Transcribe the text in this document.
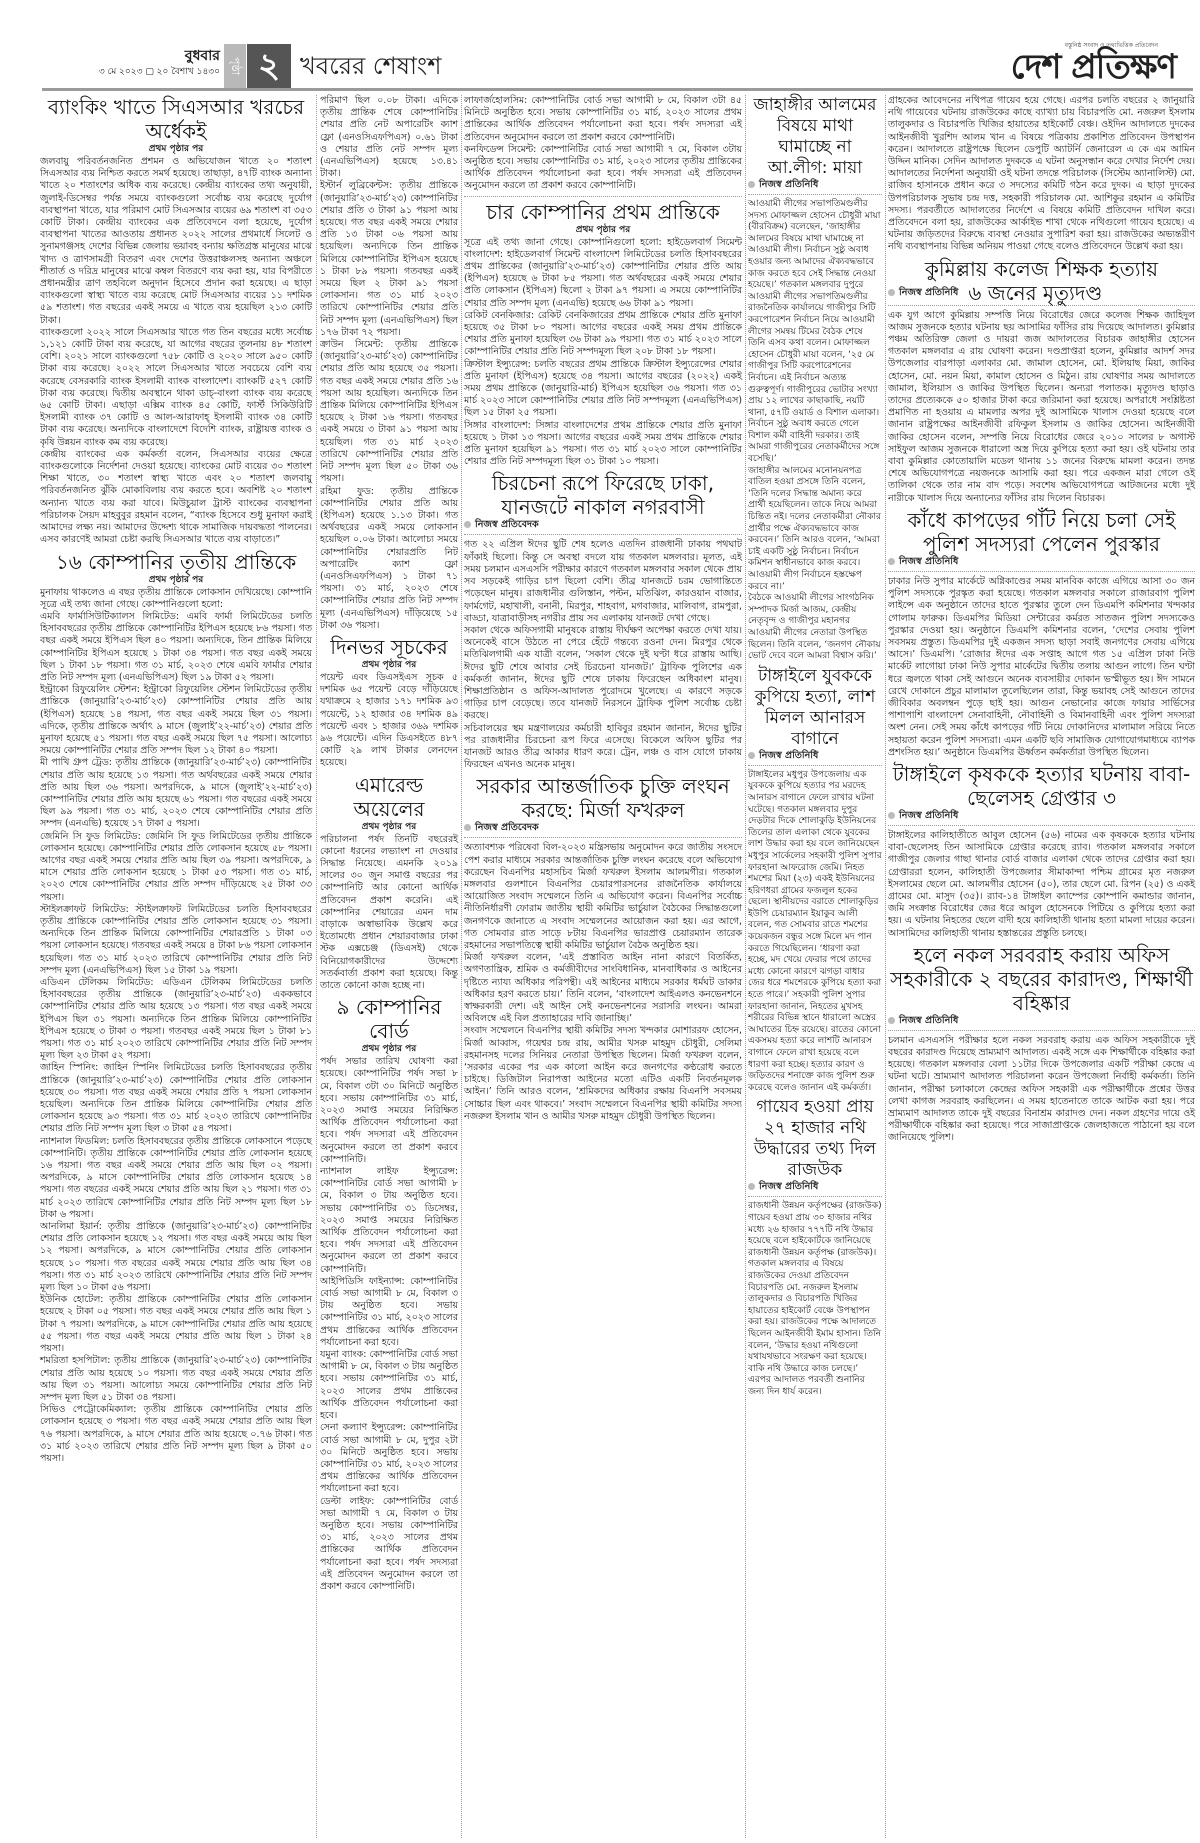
বুধবার
৩ মে ২০২৩ ▢ ২০ বৈশাখ ১৪৩০ পৃষ্ঠা ২ খবরের শেষাংশ
বস্তুনিষ্ঠ সংবাদ ও তথ্যভিত্তিক প্রতিবেদন
দেশ প্রতিক্ষণ
ব্যাংকিং খাতে সিএসআর খরচের অর্ধেকই
প্রথম পৃষ্ঠার পর

জলবায়ু পরিবর্তনজনিত প্রশমন ও অভিযোজন খাতে ২০ শতাংশ সিএসআর ব্যয় নিশ্চিত করতে সমর্থ হয়েছে। তাছাড়া, ৪৭টি ব্যাংক অন্যান্য খাতে ২০ শতাংশের অধিক ব্যয় করেছে। কেন্দ্রীয় ব্যাংকের তথ্য অনুযায়ী, জুলাই-ডিসেম্বর পর্যন্ত সময়ে ব্যাংকগুলো সর্বোচ্চ ব্যয় করেছে দুর্যোগ ব্যবস্থাপনা খাতে, যার পরিমাণ মোট সিএসআর ব্যয়ের ৬৯ শতাংশ বা ৩৫৩ কোটি টাকা। কেন্দ্রীয় ব্যাংকের এক প্রতিবেদনে বলা হয়েছে, দুর্যোগ ব্যবস্থাপনা খাতের আওতায় প্রধানত ২০২২ সালের প্রথমার্ধে সিলেট ও সুনামগঞ্জসহ দেশের বিভিন্ন জেলায় ভয়াবহ বন্যায় ক্ষতিগ্রস্ত মানুষের মাঝে খাদ্য ও ত্রাণসামগ্রী বিতরণ এবং দেশের উত্তরাঞ্চলসহ অন্যান্য অঞ্চলে শীতার্ত ও দরিদ্র মানুষের মাঝে কম্বল বিতরণে ব্যয় করা হয়, যার বিপরীতে প্রধানমন্ত্রীর ত্রাণ তহবিলে অনুদান হিসেবে প্রদান করা হয়েছে। এ ছাড়া ব্যাংকগুলো স্বাস্থ্য খাতে ব্যয় করেছে মোট সিএসআর ব্যয়ের ১১ দশমিক ৫৯ শতাংশ। গত বছরের একই সময়ে এ খাতে ব্যয় হয়েছিল ২১৩ কোটি টাকা।

ব্যাংকগুলো ২০২২ সালে সিএসআর খাতে গত তিন বছরের মধ্যে সর্বোচ্চ ১,১২১ কোটি টাকা ব্যয় করেছে, যা আগের বছরের তুলনায় ৪৮ শতাংশ বেশি। ২০২১ সালে ব্যাংকগুলো ৭৫৮ কোটি ও ২০২০ সালে ৯৫০ কোটি টাকা ব্যয় করেছে। ২০২২ সালে সিএসআর খাতে সবচেয়ে বেশি ব্যয় করেছে বেসরকারি ব্যাংক ইসলামী ব্যাংক বাংলাদেশ। ব্যাংকটি ৫২৭ কোটি টাকা ব্যয় করেছে। দ্বিতীয় অবস্থানে থাকা ডাচ্-বাংলা ব্যাংক ব্যয় করেছে ৬৫ কোটি টাকা। এছাড়া এক্সিম ব্যাংক ৪৫ কোটি, ফার্স্ট সিকিউরিটি ইসলামী ব্যাংক ৩৭ কোটি ও আল-আরাফাহ্ ইসলামী ব্যাংক ৩৪ কোটি টাকা ব্যয় করেছে। অন্যদিকে বাংলাদেশে বিদেশি ব্যাংক, রাষ্ট্রায়ত্ত ব্যাংক ও কৃষি উন্নয়ন ব্যাংক কম ব্যয় করেছে।

কেন্দ্রীয় ব্যাংকের এক কর্মকর্তা বলেন, সিএসআর ব্যয়ের ক্ষেত্রে ব্যাংকগুলোকে নির্দেশনা দেওয়া হয়েছে। ব্যাংকের মোট ব্যয়ের ৩০ শতাংশ শিক্ষা খাতে, ৩০ শতাংশ স্বাস্থ্য খাতে এবং ২০ শতাংশ জলবায়ু পরিবর্তনজনিত ঝুঁকি মোকাবিলায় ব্যয় করতে হবে। অবশিষ্ট ২০ শতাংশ অন্যান্য খাতে ব্যয় করা যাবে। মিউচুয়াল ট্রাস্ট ব্যাংকের ব্যবস্থাপনা পরিচালক সৈয়দ মাহবুবুর রহমান বলেন, “ব্যাংক হিসেবে শুধু মুনাফা করাই আমাদের লক্ষ্য নয়। আমাদের উদ্দেশ্য থাকে সামাজিক দায়বদ্ধতা পালনের। এসব কারণেই আমরা চেষ্টা করছি সিএসআর খাতে ব্যয় বাড়াতে।”

১৬ কোম্পানির তৃতীয় প্রান্তিকে
প্রথম পৃষ্ঠার পর

মুনাফায় থাকলেও এ বছর তৃতীয় প্রান্তিকে লোকসান দেখিয়েছে। কোম্পানি সূত্রে এই তথ্য জানা গেছে। কোম্পানিগুলো হলো:

এমবি ফার্মাসিউটিক্যালস লিমিটেড: এমবি ফার্মা লিমিটেডের চলতি হিসাববছরের তৃতীয় প্রান্তিকে কোম্পানিটির ইপিএস হয়েছে ৮৬ পয়সা। গত বছর একই সময়ে ইপিএস ছিল ৪০ পয়সা। অন্যদিকে, তিন প্রান্তিক মিলিয়ে কোম্পানিটির ইপিএস হয়েছে ১ টাকা ৩৪ পয়সা। গত বছর একই সময়ে ছিল ১ টাকা ১৮ পয়সা। গত ৩১ মার্চ, ২০২৩ শেষে এমবি ফার্মার শেয়ার প্রতি নিট সম্পদ মূল্য (এনএভিপিএস) ছিল ১৯ টাকা ৫২ পয়সা।

ইন্ট্রাকো রিফুয়েলিং স্টেশন: ইন্ট্রাকো রিফুয়েলিং স্টেশন লিমিটেডের তৃতীয় প্রান্তিকে (জানুয়ারি’২৩-মার্চ’২৩) কোম্পানিটির শেয়ার প্রতি আয় (ইপিএস) হয়েছে ১৪ পয়সা, গত বছর একই সময়ে ছিল ৩১ পয়সা। এদিকে, তৃতীয় প্রান্তিকে অর্থাৎ ৯ মাসে (জুলাই’২২-মার্চ’২৩) শেয়ার প্রতি মুনাফা হয়েছে ৫১ পয়সা। গত বছর একই সময়ে ছিল ৭৫ পয়সা। আলোচ্য সময়ে কোম্পানিটির শেয়ার প্রতি সম্পদ ছিল ১২ টাকা ৪০ পয়সা।

মী পাখি গ্রুপ ট্রেড: তৃতীয় প্রান্তিকে (জানুয়ারি’২৩-মার্চ’২৩) কোম্পানিটির শেয়ার প্রতি আয় হয়েছে ১৩ পয়সা। গত অর্থবছরের একই সময়ে শেয়ার প্রতি আয় ছিল ৩৬ পয়সা। অপরদিকে, ৯ মাসে (জুলাই’২২-মার্চ’২৩) কোম্পানিটির শেয়ার প্রতি আয় হয়েছে ৬১ পয়সা। গত বছরের একই সময়ে ছিল ৯৯ পয়সা। গত ৩১ মার্চ, ২০২৩ শেষে কোম্পানিটির শেয়ার প্রতি সম্পদ (এনএভি) হয়েছে ১৭ টাকা ৫ পয়সা।

জেমিনি সি ফুড লিমিটেড: জেমিনি সি ফুড লিমিটেডের তৃতীয় প্রান্তিকে লোকসান হয়েছে। কোম্পানিটির শেয়ার প্রতি লোকসান হয়েছে ৫৮ পয়সা। আগের বছর একই সময়ে শেয়ার প্রতি আয় ছিল ৩৯ পয়সা। অপরদিকে, ৯ মাসে শেয়ার প্রতি লোকসান হয়েছে ১ টাকা ৫৩ পয়সা। গত ৩১ মার্চ, ২০২৩ শেষে কোম্পানিটির শেয়ার প্রতি সম্পদ দাঁড়িয়েছে ২৫ টাকা ৩৩ পয়সা।

স্টাইলক্রাফট লিমিটেড: স্টাইলক্রাফট লিমিটেডের চলতি হিসাববছরের তৃতীয় প্রান্তিকে কোম্পানিটির শেয়ার প্রতি লোকসান হয়েছে ৩১ পয়সা। অন্যদিকে তিন প্রান্তিক মিলিয়ে কোম্পানিটির শেয়ারপ্রতি ১ টাকা ০৩ পয়সা লোকসান হয়েছে। গতবছর একই সময়ে ৪ টাকা ৮৬ পয়সা লোকসান হয়েছিল। গত ৩১ মার্চ ২০২৩ তারিখে কোম্পানিটির শেয়ার প্রতি নিট সম্পদ মূল্য (এনএভিপিএস) ছিল ১৫ টাকা ১৯ পয়সা।

এডিএন টেলিকম লিমিটেড: এডিএন টেলিকম লিমিটেডের চলতি হিসাববছরের তৃতীয় প্রান্তিকে (জানুয়ারি’২৩-মার্চ’২৩) এককভাবে কোম্পানিটির শেয়ার প্রতি আয় হয়েছে ১৩ পয়সা। গত বছর একই সময়ে ইপিএস ছিল ৩১ পয়সা। অন্যদিকে তিন প্রান্তিক মিলিয়ে কোম্পানিটির ইপিএস হয়েছে ৩ টাকা ৩ পয়সা। গতবছর একই সময়ে ছিল ১ টাকা ৮১ পয়সা। গত ৩১ মার্চ ২০২৩ তারিখে কোম্পানিটির শেয়ার প্রতি নিট সম্পদ মূল্য ছিল ২৩ টাকা ৫২ পয়সা।

জাহিন স্পিনিং: জাহিন স্পিনিং লিমিটেডের চলতি হিসাববছরের তৃতীয় প্রান্তিকে (জানুয়ারি’২৩-মার্চ’২৩) কোম্পানিটির শেয়ার প্রতি লোকসান হয়েছে ৩০ পয়সা। গত বছর একই সময়ে শেয়ার প্রতি ৭ পয়সা লোকসান হয়েছিল। অন্যদিকে তিন প্রান্তিক মিলিয়ে কোম্পানিটির শেয়ার প্রতি লোকসান হয়েছে ৯৩ পয়সা। গত ৩১ মার্চ ২০২৩ তারিখে কোম্পানিটির শেয়ার প্রতি নিট সম্পদ মূল্য ছিল ৩ টাকা ৫৪ পয়সা।

ন্যাশনাল ফিডমিল: চলতি হিসাববছরের তৃতীয় প্রান্তিকে লোকসানে পড়েছে কোম্পানিটি। তৃতীয় প্রান্তিকে কোম্পানিটির শেয়ার প্রতি লোকসান হয়েছে ১৬ পয়সা। গত বছর একই সময়ে শেয়ার প্রতি আয় ছিল ০২ পয়সা। অপরদিকে, ৯ মাসে কোম্পানিটির শেয়ার প্রতি লোকসান হয়েছে ১৪ পয়সা। গত বছরের একই সময়ে শেয়ার প্রতি আয় ছিল ২১ পয়সা। গত ৩১ মার্চ ২০২৩ তারিখে কোম্পানিটির শেয়ার প্রতি নিট সম্পদ মূল্য ছিল ১৮ টাকা ৬ পয়সা।

আনলিমা ইয়ার্ন: তৃতীয় প্রান্তিকে (জানুয়ারি’২৩-মার্চ’২৩) কোম্পানিটির শেয়ার প্রতি লোকসান হয়েছে ১২ পয়সা। গত বছর একই সময়ে আয় ছিল ১২ পয়সা। অপরদিকে, ৯ মাসে কোম্পানিটির শেয়ার প্রতি লোকসান হয়েছে ১০ পয়সা। গত বছরের একই সময়ে শেয়ার প্রতি আয় ছিল ৩৪ পয়সা। গত ৩১ মার্চ ২০২৩ তারিখে কোম্পানিটির শেয়ার প্রতি নিট সম্পদ মূল্য ছিল ১০ টাকা ৫৬ পয়সা।

ইউনিক হোটেল: তৃতীয় প্রান্তিকে কোম্পানিটির শেয়ার প্রতি লোকসান হয়েছে ২ টাকা ০৫ পয়সা। গত বছর একই সময়ে শেয়ার প্রতি আয় ছিল ১ টাকা ৭ পয়সা। অপরদিকে, ৯ মাসে কোম্পানিটির শেয়ার প্রতি আয় হয়েছে ৫৫ পয়সা। গত বছর একই সময়ে শেয়ার প্রতি আয় ছিল ১ টাকা ২৪ পয়সা।

শমরিতা হসপিটাল: তৃতীয় প্রান্তিকে (জানুয়ারি’২৩-মার্চ’২৩) কোম্পানিটির শেয়ার প্রতি আয় হয়েছে ১০ পয়সা। গত বছর একই সময়ে শেয়ার প্রতি আয় ছিল ৩১ পয়সা। আলোচ্য সময়ে কোম্পানিটির শেয়ার প্রতি নিট সম্পদ মূল্য ছিল ৫১ টাকা ৩৪ পয়সা।

সিভিও পেট্রোকেমিক্যাল: তৃতীয় প্রান্তিকে কোম্পানিটির শেয়ার প্রতি লোকসান হয়েছে ৩ পয়সা। গত বছর একই সময়ে শেয়ার প্রতি আয় ছিল ৭৬ পয়সা। অপরদিকে, ৯ মাসে শেয়ার প্রতি আয় হয়েছে ০.৭৬ টাকা। গত ৩১ মার্চ ২০২৩ তারিখে শেয়ার প্রতি নিট সম্পদ মূল্য ছিল ৯ টাকা ৫০ পয়সা।

পরিমাণ ছিল ০.০৮ টাকা। এদিকে তৃতীয় প্রান্তিক শেষে কোম্পানিটির শেয়ার প্রতি নেট অপারেটিং ক্যাশ ফ্লো (এনওসিএফপিএস) ০.৬১ টাকা ও শেয়ার প্রতি নেট সম্পদ মূল্য (এনএভিপিএস) হয়েছে ১৩.৪১ টাকা।

ইস্টার্ন লুব্রিকেন্টস: তৃতীয় প্রান্তিকে (জানুয়ারি’২৩-মার্চ’২৩) কোম্পানিটির শেয়ার প্রতি ৩ টাকা ৯১ পয়সা আয় হয়েছে। গত বছর একই সময়ে শেয়ার প্রতি ১৩ টাকা ০৬ পয়সা আয় হয়েছিল। অন্যদিকে তিন প্রান্তিক মিলিয়ে কোম্পানিটির ইপিএস হয়েছে ১ টাকা ৮৯ পয়সা। গতবছর একই সময়ে ছিল ২ টাকা ৯১ পয়সা লোকসান। গত ৩১ মার্চ ২০২৩ তারিখে কোম্পানিটির শেয়ার প্রতি নিট সম্পদ মূল্য (এনএভিপিএস) ছিল ১৭৬ টাকা ৭২ পয়সা।

ক্রাউন সিমেন্ট: তৃতীয় প্রান্তিকে (জানুয়ারি’২৩-মার্চ’২৩) কোম্পানিটির শেয়ার প্রতি আয় হয়েছে ৩৫ পয়সা। গত বছর একই সময়ে শেয়ার প্রতি ১৬ পয়সা আয় হয়েছিল। অন্যদিকে তিন প্রান্তিক মিলিয়ে কোম্পানিটির ইপিএস হয়েছে ২ টাকা ১৬ পয়সা। গতবছর একই সময়ে ৩ টাকা ৯১ পয়সা আয় হয়েছিল। গত ৩১ মার্চ ২০২৩ তারিখে কোম্পানিটির শেয়ার প্রতি নিট সম্পদ মূল্য ছিল ৫০ টাকা ৩৬ পয়সা।

রহিমা ফুড: তৃতীয় প্রান্তিকে কোম্পানিটির শেয়ার প্রতি আয় (ইপিএস) হয়েছে ১.১৩ টাকা। গত অর্থবছরের একই সময়ে লোকসান হয়েছিল ০.০৬ টাকা। আলোচ্য সময়ে কোম্পানিটির শেয়ারপ্রতি নিট অপারেটিং ক্যাশ ফ্লো (এনওসিএফপিএস) ১ টাকা ৭১ পয়সা। ৩১ মার্চ, ২০২৩ শেষে কোম্পানিটির শেয়ার প্রতি নিট সম্পদ মূল্য (এনএভিপিএস) দাঁড়িয়েছে ১৫ টাকা ৩৬ পয়সা।

দিনভর সূচকের
প্রথম পৃষ্ঠার পর

পয়েন্ট এবং ডিএসইএস সূচক ৫ দশমিক ৬৫ পয়েন্ট বেড়ে দাঁড়িয়েছে যথাক্রমে ২ হাজার ১৭১ দশমিক ৯৩ পয়েন্টে, ১২ হাজার ৩৪ দশমিক ৪৯ পয়েন্টে এবং ১ হাজার ৩৬৯ দশমিক ৯৬ পয়েন্টে। এদিন ডিএসইতে ৪৮৭ কোটি ২৯ লাখ টাকার লেনদেন হয়েছে।

এমারেল্ড অয়েলের
প্রথম পৃষ্ঠার পর

পরিচালনা পর্ষদ তিনটি বছরেরই কোনো ধরনের লভ্যাংশ না দেওয়ার সিদ্ধান্ত নিয়েছে। এমনকি ২০১৯ সালের ৩০ জুন সমাপ্ত বছরের পর কোম্পানিটি আর কোনো আর্থিক প্রতিবেদন প্রকাশ করেনি। এই কোম্পানির শেয়ারের এমন দাম বাড়াকে অস্বাভাবিক উল্লেখ করে ইতোমধ্যে প্রধান শেয়ারবাজার ঢাকা স্টক এক্সচেঞ্জ (ডিএসই) থেকে বিনিয়োগকারীদের উদ্দেশ্যে সতর্কবার্তা প্রকাশ করা হয়েছে। কিন্তু তাতে কোনো কাজ হচ্ছে না।

৯ কোম্পানির বোর্ড
প্রথম পৃষ্ঠার পর

পর্ষদ সভার তারিখ ঘোষণা করা হয়েছে। কোম্পানিটির পর্ষদ সভা ৮ মে, বিকাল ৩টা ৩০ মিনিটে অনুষ্ঠিত হবে। সভায় কোম্পানিটির ৩১ মার্চ, ২০২৩ সমাপ্ত সময়ের নিরিক্ষিত আর্থিক প্রতিবেদন পর্যালোচনা করা হবে। পর্ষদ সদস্যরা এই প্রতিবেদন অনুমোদন করলে তা প্রকাশ করবে কোম্পানিটি।

ন্যাশনাল লাইফ ইন্স্যুরেন্স: কোম্পানিটির বোর্ড সভা আগামী ৮ মে, বিকাল ৩ টায় অনুষ্ঠিত হবে। সভায় কোম্পানিটির ৩১ ডিসেম্বর, ২০২৩ সমাপ্ত সময়ের নিরিক্ষিত আর্থিক প্রতিবেদন পর্যালোচনা করা হবে। পর্ষদ সদস্যরা এই প্রতিবেদন অনুমোদন করলে তা প্রকাশ করবে কোম্পানিটি।

আইপিডিসি ফাইন্যান্স: কোম্পানিটির বোর্ড সভা আগামী ৮ মে, বিকাল ৩ টায় অনুষ্ঠিত হবে। সভায় কোম্পানিটির ৩১ মার্চ, ২০২৩ সালের প্রথম প্রান্তিকের আর্থিক প্রতিবেদন পর্যালোচনা করা হবে।

যমুনা ব্যাংক: কোম্পানিটির বোর্ড সভা আগামী ৮ মে, বিকাল ৩ টায় অনুষ্ঠিত হবে। সভায় কোম্পানিটির ৩১ মার্চ, ২০২৩ সালের প্রথম প্রান্তিকের আর্থিক প্রতিবেদন পর্যালোচনা করা হবে।

সেনা কল্যাণ ইন্স্যুরেন্স: কোম্পানিটির বোর্ড সভা আগামী ৮ মে, দুপুর ২টা ৩০ মিনিটে অনুষ্ঠিত হবে। সভায় কোম্পানিটির ৩১ মার্চ, ২০২৩ সালের প্রথম প্রান্তিকের আর্থিক প্রতিবেদন পর্যালোচনা করা হবে।

ডেল্টা লাইফ: কোম্পানিটির বোর্ড সভা আগামী ৭ মে, বিকাল ৩ টায় অনুষ্ঠিত হবে। সভায় কোম্পানিটির ৩১ মার্চ, ২০২৩ সালের প্রথম প্রান্তিকের আর্থিক প্রতিবেদন পর্যালোচনা করা হবে। পর্ষদ সদস্যরা এই প্রতিবেদন অনুমোদন করলে তা প্রকাশ করবে কোম্পানিটি।

লাফার্জহোলসিম: কোম্পানিটির বোর্ড সভা আগামী ৮ মে, বিকাল ৩টা ৪৫ মিনিটে অনুষ্ঠিত হবে। সভায় কোম্পানিটির ৩১ মার্চ, ২০২৩ সালের প্রথম প্রান্তিকের আর্থিক প্রতিবেদন পর্যালোচনা করা হবে। পর্ষদ সদস্যরা এই প্রতিবেদন অনুমোদন করলে তা প্রকাশ করবে কোম্পানিটি।

কনফিডেন্স সিমেন্ট: কোম্পানিটির বোর্ড সভা আগামী ৭ মে, বিকাল ৩টায় অনুষ্ঠিত হবে। সভায় কোম্পানিটির ৩১ মার্চ, ২০২৩ সালের তৃতীয় প্রান্তিকের আর্থিক প্রতিবেদন পর্যালোচনা করা হবে। পর্ষদ সদস্যরা এই প্রতিবেদন অনুমোদন করলে তা প্রকাশ করবে কোম্পানিটি।

চার কোম্পানির প্রথম প্রান্তিকে
প্রথম পৃষ্ঠার পর

সূত্রে এই তথ্য জানা গেছে। কোম্পানিগুলো হলো: হাইডেলবার্গ সিমেন্ট বাংলাদেশ: হাইডেলবার্গ সিমেন্ট বাংলাদেশ লিমিটেডের চলতি হিসাববছরের প্রথম প্রান্তিকের (জানুয়ারি’২৩-মার্চ’২৩) কোম্পানিটির শেয়ার প্রতি আয় (ইপিএস) হয়েছে ৬ টাকা ৮৫ পয়সা। গত অর্থবছরের একই সময়ে শেয়ার প্রতি লোকসান (ইপিএস) ছিলো ২ টাকা ৯৭ পয়সা। এ সময়ে কোম্পানিটির শেয়ার প্রতি সম্পদ মূল্য (এনএভি) হয়েছে ৬৬ টাকা ৯১ পয়সা।

রেকিট বেনকিজার: রেকিট বেনকিজারের প্রথম প্রান্তিকে শেয়ার প্রতি মুনাফা হয়েছে ৩৫ টাকা ৮০ পয়সা। আগের বছরের একই সময় প্রথম প্রান্তিকে শেয়ার প্রতি মুনাফা হয়েছিল ৩৬ টাকা ৯৯ পয়সা। গত ৩১ মার্চ ২০২৩ সালে কোম্পানিটির শেয়ার প্রতি নিট সম্পদমূল্য ছিল ২০৮ টাকা ১৮ পয়সা।

ক্রিস্টাল ইন্স্যুরেন্স: চলতি বছরের প্রথম প্রান্তিকে ক্রিস্টাল ইন্স্যুরেন্সের শেয়ার প্রতি মুনাফা (ইপিএস) হয়েছে ৩৪ পয়সা। আগের বছরের (২০২২) একই সময় প্রথম প্রান্তিকে (জানুয়ারি-মার্চ) ইপিএস হয়েছিল ৩৬ পয়সা। গত ৩১ মার্চ ২০২৩ সালে কোম্পানিটির শেয়ার প্রতি নিট সম্পদমূল্য (এনএভিপিএস) ছিল ১৫ টাকা ২৫ পয়সা।

সিঙ্গার বাংলাদেশ: সিঙ্গার বাংলাদেশের প্রথম প্রান্তিকে শেয়ার প্রতি মুনাফা হয়েছে ১ টাকা ১৩ পয়সা। আগের বছরের একই সময় প্রথম প্রান্তিকে শেয়ার প্রতি মুনাফা হয়েছিল ৯১ পয়সা। গত ৩১ মার্চ ২০২৩ সালে কোম্পানিটির শেয়ার প্রতি নিট সম্পদমূল্য ছিল ৩১ টাকা ১০ পয়সা।

চিরচেনা রূপে ফিরেছে ঢাকা, যানজটে নাকাল নগরবাসী
নিজস্ব প্রতিবেদক

গত ২২ এপ্রিল ঈদের ছুটি শেষ হলেও এতদিন রাজধানী ঢাকায় পথঘাট ফাঁকাই ছিলো। কিন্তু সে অবস্থা বদলে যায় গতকাল মঙ্গলবার। মূলত, এই সময় চলমান এসএসসি পরীক্ষার কারণে গতকাল মঙ্গলবার সকাল থেকে প্রায় সব সড়কেই গাড়ির চাপ ছিলো বেশি। তীব্র যানজটে চরম ভোগান্তিতে পড়েছেন মানুষ। রাজধানীর গুলিস্তান, পল্টন, মতিঝিল, কারওয়ান বাজার, ফার্মগেট, মহাখালী, বনানী, মিরপুর, শাহবাগ, মগবাজার, মালিবাগ, রামপুরা, বাড্ডা, যাত্রাবাড়ীসহ নগরীর প্রায় সব এলাকায় যানজট দেখা গেছে।

সকাল থেকে অফিসগামী মানুষকে রাস্তায় দীর্ঘক্ষণ অপেক্ষা করতে দেখা যায়। অনেকেই বাসে উঠতে না পেরে হেঁটে গন্তব্যে রওনা দেন। মিরপুর থেকে মতিঝিলগামী এক যাত্রী বলেন, ‘সকাল থেকে দুই ঘণ্টা ধরে রাস্তায় আছি। ঈদের ছুটি শেষে আবার সেই চিরচেনা যানজট।’ ট্রাফিক পুলিশের এক কর্মকর্তা জানান, ঈদের ছুটি শেষে ঢাকায় ফিরেছেন অধিকাংশ মানুষ। শিক্ষাপ্রতিষ্ঠান ও অফিস-আদালত পুরোদমে খুলেছে। এ কারণে সড়কে গাড়ির চাপ বেড়েছে। তবে যানজট নিরসনে ট্রাফিক পুলিশ সর্বোচ্চ চেষ্টা করছে।

সচিবালয়ের স্থম মন্ত্রণালয়ের কর্মচারী হাবিবুর রহমান জানান, ঈদের ছুটির পর রাজধানীর চিরচেনা রূপ ফিরে এসেছে। বিকেলে অফিস ছুটির পর যানজট আরও তীব্র আকার ধারণ করে। ট্রেন, লঞ্চ ও বাস যোগে ঢাকায় ফিরছেন এখনও অনেক মানুষ।

সরকার আন্তর্জাতিক চুক্তি লংঘন করছে: মির্জা ফখরুল
নিজস্ব প্রতিবেদক

অত্যাবশ্যক পরিষেবা বিল-২০২৩ মন্ত্রিসভায় অনুমোদন করে জাতীয় সংসদে পেশ করার মাধ্যমে সরকার আন্তর্জাতিক চুক্তি লংঘন করেছে বলে অভিযোগ করেছেন বিএনপির মহাসচিব মির্জা ফখরুল ইসলাম আলমগীর। গতকাল মঙ্গলবার গুলশানে বিএনপির চেয়ারপারসনের রাজনৈতিক কার্যালয়ে আয়োজিত সংবাদ সম্মেলনে তিনি এ অভিযোগ করেন। বিএনপির সর্বোচ্চ নীতিনির্ধারণী ফোরাম জাতীয় স্থায়ী কমিটির ভার্চুয়াল বৈঠকের সিদ্ধান্তগুলো জনগণকে জানাতে এ সংবাদ সম্মেলনের আয়োজন করা হয়। এর আগে, গত সোমবার রাত সাড়ে ৮টায় বিএনপির ভারপ্রাপ্ত চেয়ারম্যান তারেক রহমানের সভাপতিত্বে স্থায়ী কমিটির ভার্চুয়াল বৈঠক অনুষ্ঠিত হয়।

মির্জা ফখরুল বলেন, ‘এই প্রস্তাবিত আইন নানা কারণে বিতর্কিত, অগণতান্ত্রিক, শ্রমিক ও কর্মজীবীদের সাংবিধানিক, মানবাধিকার ও আইনের দৃষ্টিতে ন্যায্য অধিকার পরিপন্থী। এই আইনের মাধ্যমে সরকার ধর্মঘট ডাকার অধিকার হরণ করতে চায়।’ তিনি বলেন, ‘বাংলাদেশ আইএলও কনভেনশনে স্বাক্ষরকারী দেশ। এই আইন সেই কনভেনশনের সরাসরি লংঘন। আমরা অবিলম্বে এই বিল প্রত্যাহারের দাবি জানাচ্ছি।’

সংবাদ সম্মেলনে বিএনপির স্থায়ী কমিটির সদস্য খন্দকার মোশাররফ হোসেন, মির্জা আব্বাস, গয়েশ্বর চন্দ্র রায়, আমীর খসরু মাহমুদ চৌধুরী, সেলিমা রহমানসহ দলের সিনিয়র নেতারা উপস্থিত ছিলেন। মির্জা ফখরুল বলেন, ‘সরকার একের পর এক কালো আইন করে জনগণের কণ্ঠরোধ করতে চাইছে। ডিজিটাল নিরাপত্তা আইনের মতো এটিও একটি নিবর্তনমূলক আইন।’ তিনি আরও বলেন, ‘শ্রমিকদের অধিকার রক্ষায় বিএনপি সবসময় সোচ্চার ছিল এবং থাকবে।’ সংবাদ সম্মেলনে বিএনপির স্থায়ী কমিটির সদস্য নজরুল ইসলাম খান ও আমীর খসরু মাহমুদ চৌধুরী উপস্থিত ছিলেন।

জাহাঙ্গীর আলমের বিষয়ে মাথা ঘামাচ্ছে না আ.লীগ: মায়া
নিজস্ব প্রতিনিধি

আওয়ামী লীগের সভাপতিমণ্ডলীর সদস্য মোফাজ্জল হোসেন চৌধুরী মায়া (বীরবিক্রম) বলেছেন, ‘জাহাঙ্গীর আলমের বিষয়ে মাথা ঘামাচ্ছে না আওয়ামী লীগ। নির্বাচন সুষ্ঠু অবাধ হওয়ার জন্য আমাদের ঐক্যবদ্ধভাবে কাজ করতে হবে সেই সিদ্ধান্ত নেওয়া হয়েছে।’ গতকাল মঙ্গলবার দুপুরে আওয়ামী লীগের সভাপতিমণ্ডলীর রাজনৈতিক কার্যালয়ে গাজীপুর সিটি করপোরেশন নির্বাচন নিয়ে আওয়ামী লীগের সমন্বয় টিমের বৈঠক শেষে তিনি এসব কথা বলেন। মোফাজ্জল হোসেন চৌধুরী মায়া বলেন, ‘২৫ মে গাজীপুর সিটি করপোরেশনের নির্বাচন। এই নির্বাচন অত্যন্ত গুরুত্বপূর্ণ। গাজীপুরের ভোটার সংখ্যা প্রায় ১২ লাখের কাছাকাছি, নয়টি থানা, ৫৭টি ওয়ার্ড ও বিশাল এলাকা। নির্বাচন সুষ্ঠু অবাধ করতে গেলে বিশাল কর্মী বাহিনী দরকার। তাই আমরা গাজীপুরের নেতাকর্মীদের সঙ্গে বসেছি।’

জাহাঙ্গীর আলমের মনোনয়নপত্র বাতিল হওয়া প্রসঙ্গে তিনি বলেন, ‘তিনি দলের সিদ্ধান্ত অমান্য করে প্রার্থী হয়েছিলেন। তাকে নিয়ে আমরা চিন্তিত নই। দলের নেতাকর্মীরা নৌকার প্রার্থীর পক্ষে ঐক্যবদ্ধভাবে কাজ করবেন।’ তিনি আরও বলেন, ‘আমরা চাই একটি সুষ্ঠু নির্বাচন। নির্বাচন কমিশন স্বাধীনভাবে কাজ করবে। আওয়ামী লীগ নির্বাচনে হস্তক্ষেপ করবে না।’

বৈঠকে আওয়ামী লীগের সাংগঠনিক সম্পাদক মির্জা আজম, কেন্দ্রীয় নেতৃবৃন্দ ও গাজীপুর মহানগর আওয়ামী লীগের নেতারা উপস্থিত ছিলেন। তিনি বলেন, ‘জনগণ নৌকায় ভোট দেবে বলে আমরা বিশ্বাস করি।’

টাঙ্গাইলে যুবককে কুপিয়ে হত্যা, লাশ মিলল আনারস বাগানে
নিজস্ব প্রতিনিধি

টাঙ্গাইলের মধুপুর উপজেলায় এক যুবককে কুপিয়ে হত্যার পর মরদেহ আনারস বাগানে ফেলে রাখার ঘটনা ঘটেছে। গতকাল মঙ্গলবার দুপুর দেড়টার দিকে শোলাকুড়ি ইউনিয়নের তিলের তাল এলাকা থেকে যুবকের লাশ উদ্ধার করা হয় বলে জানিয়েছেন মধুপুর সার্কেলের সহকারী পুলিশ সুপার ফারহানা আফরোজ জেমি। নিহত শমশের মিয়া (২৩) একই ইউনিয়নের হরিণধরা গ্রামের ফজলুল হকের ছেলে। স্থানীয়দের বরাতে শোলাকুড়ির ইউপি চেয়ারম্যান ইয়াকুব আলী বলেন, গত সোমবার রাতে শমশের কয়েকজন বন্ধুর সঙ্গে মিলে মদ পান করতে গিয়েছিলেন। ‘ধারণা করা হচ্ছে, মদ খেয়ে ফেরার পথে তাদের মধ্যে কোনো কারণে ঝগড়া বাধার জের ধরে শমশেরকে কুপিয়ে হত্যা করা হতে পারে।’ সহকারী পুলিশ সুপার ফারহানা জানান, নিহতের মুখসহ শরীরের বিভিন্ন স্থানে ধারালো অস্ত্রের আঘাতের চিহ্ন রয়েছে। রাতের কোনো একসময় হত্যা করে লাশটি আনারস বাগানে ফেলে রাখা হয়েছে বলে ধারণা করা হচ্ছে। হত্যার কারণ ও জড়িতদের শনাক্তে কাজ পুলিশ শুরু করেছে বলেও জানান এই কর্মকর্তা।

গায়েব হওয়া প্রায় ২৭ হাজার নথি উদ্ধারের তথ্য দিল রাজউক
নিজস্ব প্রতিনিধি

রাজধানী উন্নয়ন কর্তৃপক্ষের (রাজউক) গায়েব হওয়া প্রায় ৩০ হাজার নথির মধ্যে ২৬ হাজার ৭৭৭টি নথি উদ্ধার হয়েছে বলে হাইকোর্টকে জানিয়েছে রাজধানী উন্নয়ন কর্তৃপক্ষ (রাজউক)। গতকাল মঙ্গলবার এ বিষয়ে রাজউকের দেওয়া প্রতিবেদন বিচারপতি মো. নজরুল ইসলাম তালুকদার ও বিচারপতি খিজির হায়াতের হাইকোর্ট বেঞ্চে উপস্থাপন করা হয়। রাজউকের পক্ষে আদালতে ছিলেন আইনজীবী ইমাম হাসান। তিনি বলেন, ‘উদ্ধার হওয়া নথিগুলো যথাযথভাবে সংরক্ষণ করা হয়েছে। বাকি নথি উদ্ধারে কাজ চলছে।’ এরপর আদালত পরবর্তী শুনানির জন্য দিন ধার্য করেন।

গ্রাহকের আবেদনের নথিপত্র গায়েব হয়ে গেছে। এরপর চলতি বছরের ২ জানুয়ারি নথি গায়েবের ঘটনায় রাজউকের কাছে ব্যাখ্যা চায় বিচারপতি মো. নজরুল ইসলাম তালুকদার ও বিচারপতি খিজির হায়াতের হাইকোর্ট বেঞ্চ। ওইদিন আদালতে দুদকের আইনজীবী খুরশিদ আলম খান এ বিষয়ে পত্রিকায় প্রকাশিত প্রতিবেদন উপস্থাপন করেন। আদালতে রাষ্ট্রপক্ষে ছিলেন ডেপুটি অ্যাটর্নি জেনারেল এ কে এম আমিন উদ্দিন মানিক। সেদিন আদালত দুদককে এ ঘটনা অনুসন্ধান করে দেখার নির্দেশ দেয়। আদালতের নির্দেশনা অনুযায়ী ওই ঘটনা তদন্তে পরিচালক (সিস্টেম অ্যানালিস্ট) মো. রাজিব হাসানকে প্রধান করে ৩ সদস্যের কমিটি গঠন করে দুদক। এ ছাড়া দুদকের উপপরিচালক সুভাষ চন্দ্র দত্ত, সহকারী পরিচালক মো. আশিকুর রহমান এ কমিটির সদস্য। পরবর্তীতে আদালতের নির্দেশে এ বিষয়ে কমিটি প্রতিবেদন দাখিল করে। প্রতিবেদনে বলা হয়, রাজউকের আর্কাইভ শাখা থেকে নথিগুলো গায়েব হয়েছে। এ ঘটনায় জড়িতদের বিরুদ্ধে ব্যবস্থা নেওয়ার সুপারিশ করা হয়। রাজউকের অভ্যন্তরীণ নথি ব্যবস্থাপনায় বিভিন্ন অনিয়ম পাওয়া গেছে বলেও প্রতিবেদনে উল্লেখ করা হয়।

কুমিল্লায় কলেজ শিক্ষক হত্যায়
নিজস্ব প্রতিনিধি ৬ জনের মৃত্যুদণ্ড

এক যুগ আগে কুমিল্লায় সম্পত্তি নিয়ে বিরোধের জেরে কলেজ শিক্ষক জাহিদুল আজম সুজনকে হত্যার ঘটনায় ছয় আসামির ফাঁসির রায় দিয়েছে আদালত। কুমিল্লার পঞ্চম অতিরিক্ত জেলা ও দায়রা জজ আদালতের বিচারক জাহাঙ্গীর হোসেন গতকাল মঙ্গলবার এ রায় ঘোষণা করেন। দণ্ডপ্রাপ্তরা হলেন, কুমিল্লার আদর্শ সদর উপজেলার বারপাড়া এলাকার মো. জামাল হোসেন, মো. ইলিয়াছ মিয়া, জাকির হোসেন, মো. নয়ন মিয়া, কামাল হোসেন ও মিঠুন। রায় ঘোষণার সময় আদালতে জামাল, ইলিয়াস ও জাকির উপস্থিত ছিলেন। অন্যরা পলাতক। মৃত্যুদণ্ড ছাড়াও তাদের প্রত্যেককে ৫০ হাজার টাকা করে জরিমানা করা হয়েছে। অপরাধে সংশ্লিষ্টতা প্রমাণিত না হওয়ায় এ মামলার অপর দুই আসামিকে খালাস দেওয়া হয়েছে বলে জানান রাষ্ট্রপক্ষের আইনজীবী রফিকুল ইসলাম ও জাকির হোসেন। আইনজীবী জাকির হোসেন বলেন, সম্পত্তি নিয়ে বিরোধের জেরে ২০১০ সালের ৮ অগাস্ট সাইফুল আজম সুজনকে ধারালো অস্ত্র দিয়ে কুপিয়ে হত্যা করা হয়। ওই ঘটনায় তার বাবা কুমিল্লার কোতোয়ালি মডেল থানায় ১১ জনের বিরুদ্ধে মামলা করেন। তদন্ত শেষে অভিযোগপত্রে নয়জনকে আসামি করা হয়। পরে একজন মারা গেলে ওই তালিকা থেকে তার নাম বাদ পড়ে। সবশেষ অভিযোগপত্রে আটজনের মধ্যে দুই নারীকে খালাস দিয়ে অন্যান্যের ফাঁসির রায় দিলেন বিচারক।

কাঁধে কাপড়ের গাঁট নিয়ে চলা সেই পুলিশ সদস্যরা পেলেন পুরস্কার
নিজস্ব প্রতিনিধি

ঢাকার নিউ সুপার মার্কেটে অগ্নিকাণ্ডের সময় মানবিক কাজে এগিয়ে আসা ৩০ জন পুলিশ সদস্যকে পুরস্কৃত করা হয়েছে। গতকাল মঙ্গলবার সকালে রাজারবাগ পুলিশ লাইন্সে এক অনুষ্ঠানে তাদের হাতে পুরস্কার তুলে দেন ডিএমপি কমিশনার খন্দকার গোলাম ফারুক। ডিএমপির মিডিয়া সেন্টারের কর্মরত সাতজন পুলিশ সদস্যকেও পুরস্কার দেওয়া হয়। অনুষ্ঠানে ডিএমপি কমিশনার বলেন, ‘দেশের সেবায় পুলিশ সবসময় প্রস্তুত। ডিএমপির দুই একজন সদস্য ছাড়া সবাই জনগণের সেবায় এগিয়ে আসে।’ ডিএমপি। ‘রোজার ঈদের এক সপ্তাহ আগে গত ১৫ এপ্রিল ঢাকা নিউ মার্কেট লাগোয়া ঢাকা নিউ সুপার মার্কেটের দ্বিতীয় তলায় আগুন লাগে। তিন ঘণ্টা ধরে জ্বলতে থাকা সেই আগুনে অনেক ব্যবসায়ীর দোকান ভস্মীভূত হয়। ঈদ সামনে রেখে দোকানে প্রচুর মালামাল তুলেছিলেন তারা, কিন্তু ভয়াবহ সেই আগুনে তাদের জীবিকার অবলম্বন পুড়ে ছাই হয়। আগুন নেভানোর কাজে ফায়ার সার্ভিসের পাশাপাশি বাংলাদেশ সেনাবাহিনী, নৌবাহিনী ও বিমানবাহিনী এবং পুলিশ সদস্যরা অংশ নেন। সেই সময় কাঁধে কাপড়ের গাঁট নিয়ে দোকানিদের মালামাল সরিয়ে নিতে সহায়তা করেন পুলিশ সদস্যরা। এমন একটি ছবি সামাজিক যোগাযোগমাধ্যমে ব্যাপক প্রশংসিত হয়।’ অনুষ্ঠানে ডিএমপির ঊর্ধ্বতন কর্মকর্তারা উপস্থিত ছিলেন।

টাঙ্গাইলে কৃষককে হত্যার ঘটনায় বাবা-ছেলেসহ গ্রেপ্তার ৩
নিজস্ব প্রতিনিধি

টাঙ্গাইলের কালিহাতীতে আবুল হোসেন (৫৬) নামের এক কৃষককে হত্যার ঘটনায় বাবা-ছেলেসহ তিন আসামিকে গ্রেপ্তার করেছে র‍্যাব। গতকাল মঙ্গলবার সকালে গাজীপুর জেলার গাছা থানার বোর্ড বাজার এলাকা থেকে তাদের গ্রেপ্তার করা হয়। গ্রেপ্তাররা হলেন, কালিহাতী উপজেলার সীমাকান্দা পশ্চিম গ্রামের মৃত নজরুল ইসলামের ছেলে মো. আলমগীর হোসেন (৫০), তার ছেলে মো. রিপন (২৫) ও একই গ্রামের মো. মাসুদ (৩৫)। র‍্যাব-১৪ টাঙ্গাইল ক্যাম্পের কোম্পানি কমান্ডার জানান, জমি সংক্রান্ত বিরোধের জের ধরে আবুল হোসেনকে পিটিয়ে ও কুপিয়ে হত্যা করা হয়। এ ঘটনায় নিহতের ছেলে বাদী হয়ে কালিহাতী থানায় হত্যা মামলা দায়ের করেন। আসামিদের কালিহাতী থানায় হস্তান্তরের প্রস্তুতি চলছে।

হলে নকল সরবরাহ করায় অফিস সহকারীকে ২ বছরের কারাদণ্ড, শিক্ষার্থী বহিষ্কার
নিজস্ব প্রতিনিধি

চলমান এসএসসি পরীক্ষার হলে নকল সরবরাহ করায় এক অফিস সহকারীকে দুই বছরের কারাদণ্ড দিয়েছে ভ্রাম্যমাণ আদালত। একই সঙ্গে এক শিক্ষার্থীকে বহিষ্কার করা হয়েছে। গতকাল মঙ্গলবার বেলা ১১টার দিকে উপজেলার একটি পরীক্ষা কেন্দ্রে এ ঘটনা ঘটে। ভ্রাম্যমাণ আদালত পরিচালনা করেন উপজেলা নির্বাহী কর্মকর্তা। তিনি জানান, পরীক্ষা চলাকালে কেন্দ্রের অফিস সহকারী এক পরীক্ষার্থীকে প্রশ্নের উত্তর লেখা কাগজ সরবরাহ করছিলেন। এ সময় হাতেনাতে তাকে আটক করা হয়। পরে ভ্রাম্যমাণ আদালত তাকে দুই বছরের বিনাশ্রম কারাদণ্ড দেন। নকল গ্রহণের দায়ে ওই পরীক্ষার্থীকে বহিষ্কার করা হয়েছে। পরে সাজাপ্রাপ্তকে জেলহাজতে পাঠানো হয় বলে জানিয়েছে পুলিশ।
